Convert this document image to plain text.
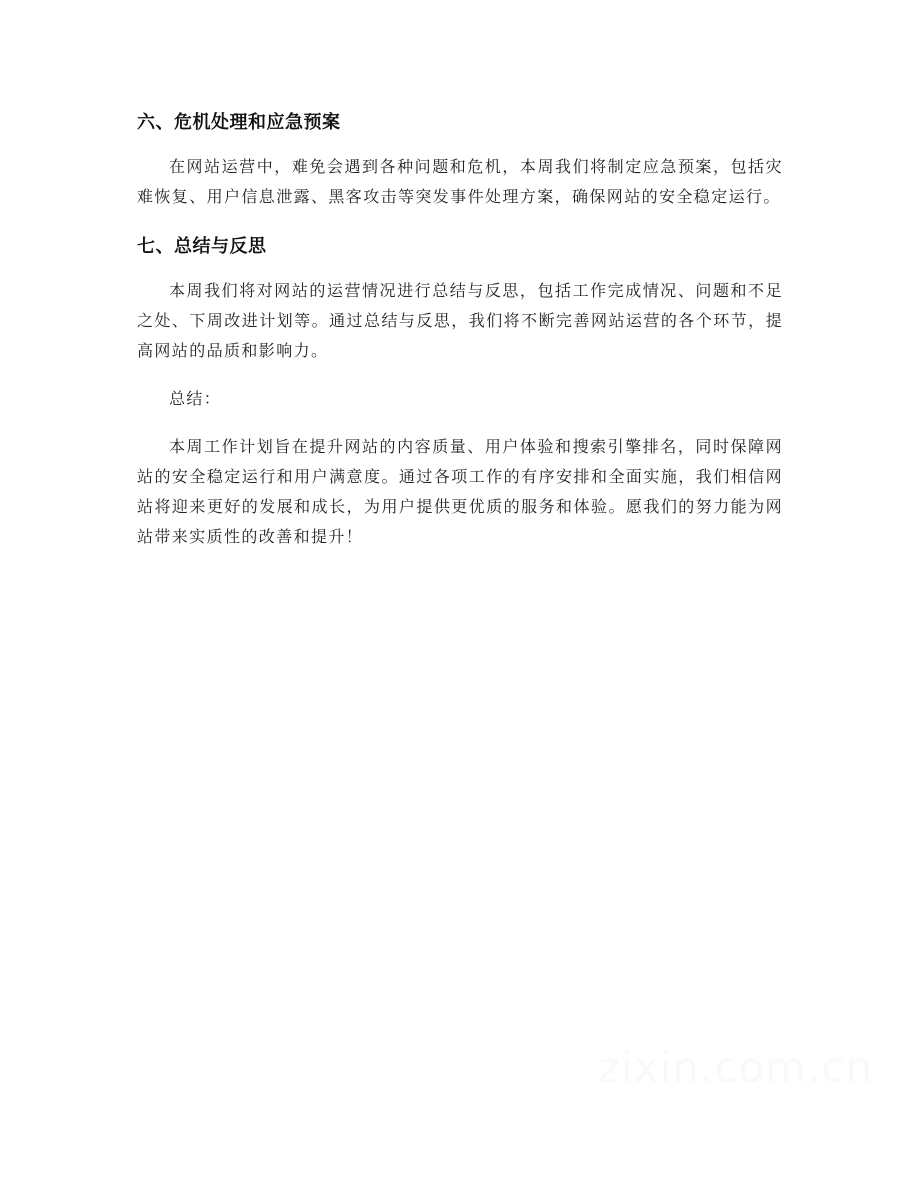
六、危机处理和应急预案

在网站运营中，难免会遇到各种问题和危机，本周我们将制定应急预案，包括灾难恢复、用户信息泄露、黑客攻击等突发事件处理方案，确保网站的安全稳定运行。

七、总结与反思

本周我们将对网站的运营情况进行总结与反思，包括工作完成情况、问题和不足之处、下周改进计划等。通过总结与反思，我们将不断完善网站运营的各个环节，提高网站的品质和影响力。

总结：

本周工作计划旨在提升网站的内容质量、用户体验和搜索引擎排名，同时保障网站的安全稳定运行和用户满意度。通过各项工作的有序安排和全面实施，我们相信网站将迎来更好的发展和成长，为用户提供更优质的服务和体验。愿我们的努力能为网站带来实质性的改善和提升！

zixin.com.cn
